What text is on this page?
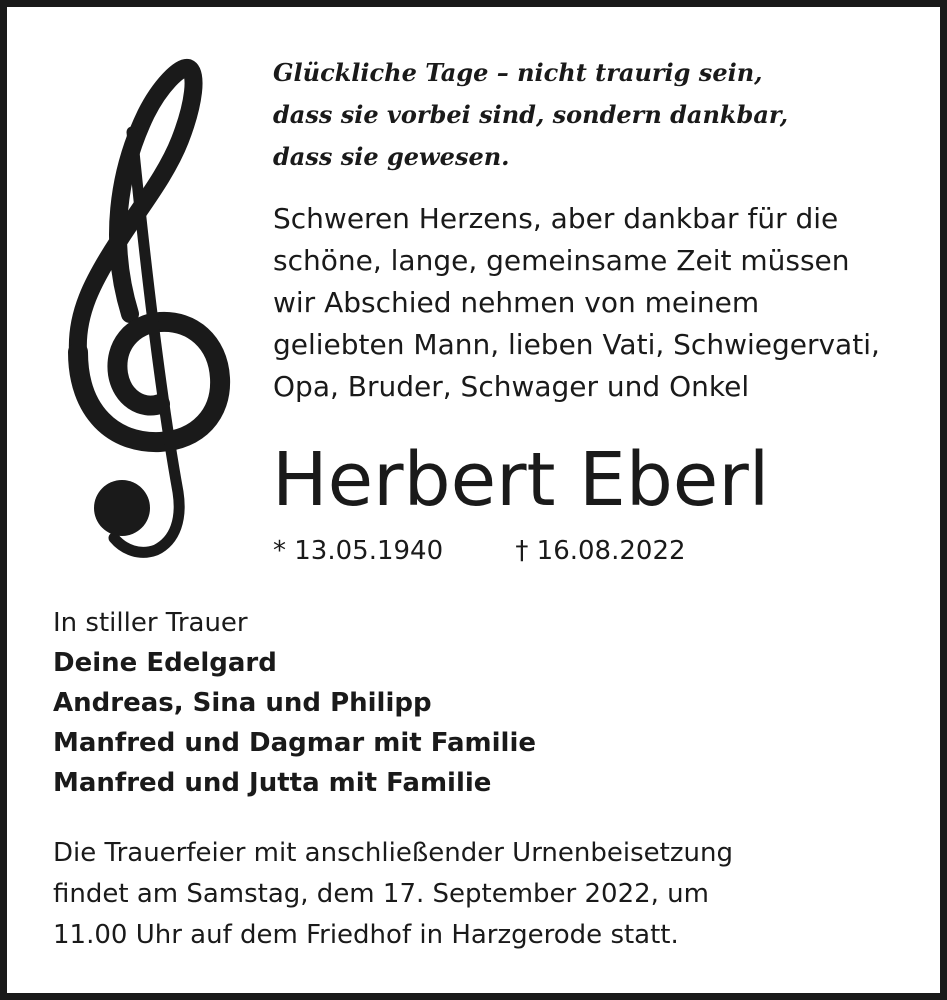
Glückliche Tage – nicht traurig sein,
dass sie vorbei sind, sondern dankbar,
dass sie gewesen.
Schweren Herzens, aber dankbar für die
schöne, lange, gemeinsame Zeit müssen
wir Abschied nehmen von meinem
geliebten Mann, lieben Vati, Schwiegervati,
Opa, Bruder, Schwager und Onkel
Herbert Eberl
* 13.05.1940	† 16.08.2022
In stiller Trauer
Deine Edelgard
Andreas, Sina und Philipp
Manfred und Dagmar mit Familie
Manfred und Jutta mit Familie
Die Trauerfeier mit anschließender Urnenbeisetzung
findet am Samstag, dem 17. September 2022, um
11.00 Uhr auf dem Friedhof in Harzgerode statt.
